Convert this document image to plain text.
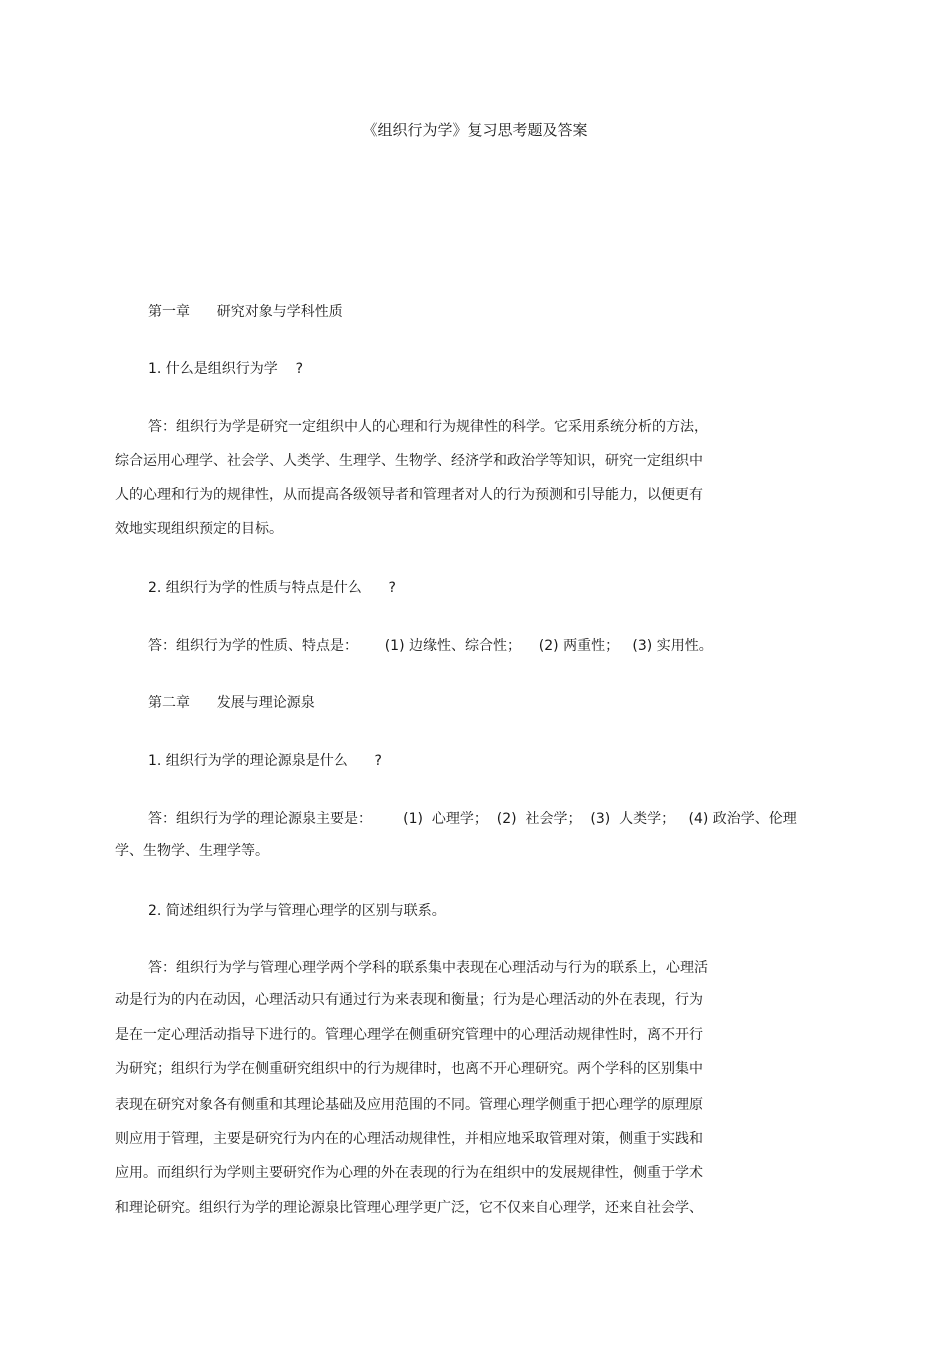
《组织行为学》复习思考题及答案
第一章      研究对象与学科性质
1. 什么是组织行为学    ?
答：组织行为学是研究一定组织中人的心理和行为规律性的科学。它采用系统分析的方法，
综合运用心理学、社会学、人类学、生理学、生物学、经济学和政治学等知识，研究一定组织中
人的心理和行为的规律性，从而提高各级领导者和管理者对人的行为预测和引导能力，以便更有
效地实现组织预定的目标。
2. 组织行为学的性质与特点是什么      ?
答：组织行为学的性质、特点是：      (1) 边缘性、综合性；    (2) 两重性；   (3) 实用性。
第二章      发展与理论源泉
1. 组织行为学的理论源泉是什么      ?
答：组织行为学的理论源泉主要是：       (1)  心理学；  (2)  社会学；  (3)  人类学；   (4) 政治学、伦理
学、生物学、生理学等。
2. 简述组织行为学与管理心理学的区别与联系。
答：组织行为学与管理心理学两个学科的联系集中表现在心理活动与行为的联系上，心理活
动是行为的内在动因，心理活动只有通过行为来表现和衡量；行为是心理活动的外在表现，行为
是在一定心理活动指导下进行的。管理心理学在侧重研究管理中的心理活动规律性时，离不开行
为研究；组织行为学在侧重研究组织中的行为规律时，也离不开心理研究。两个学科的区别集中
表现在研究对象各有侧重和其理论基础及应用范围的不同。管理心理学侧重于把心理学的原理原
则应用于管理，主要是研究行为内在的心理活动规律性，并相应地采取管理对策，侧重于实践和
应用。而组织行为学则主要研究作为心理的外在表现的行为在组织中的发展规律性，侧重于学术
和理论研究。组织行为学的理论源泉比管理心理学更广泛，它不仅来自心理学，还来自社会学、
